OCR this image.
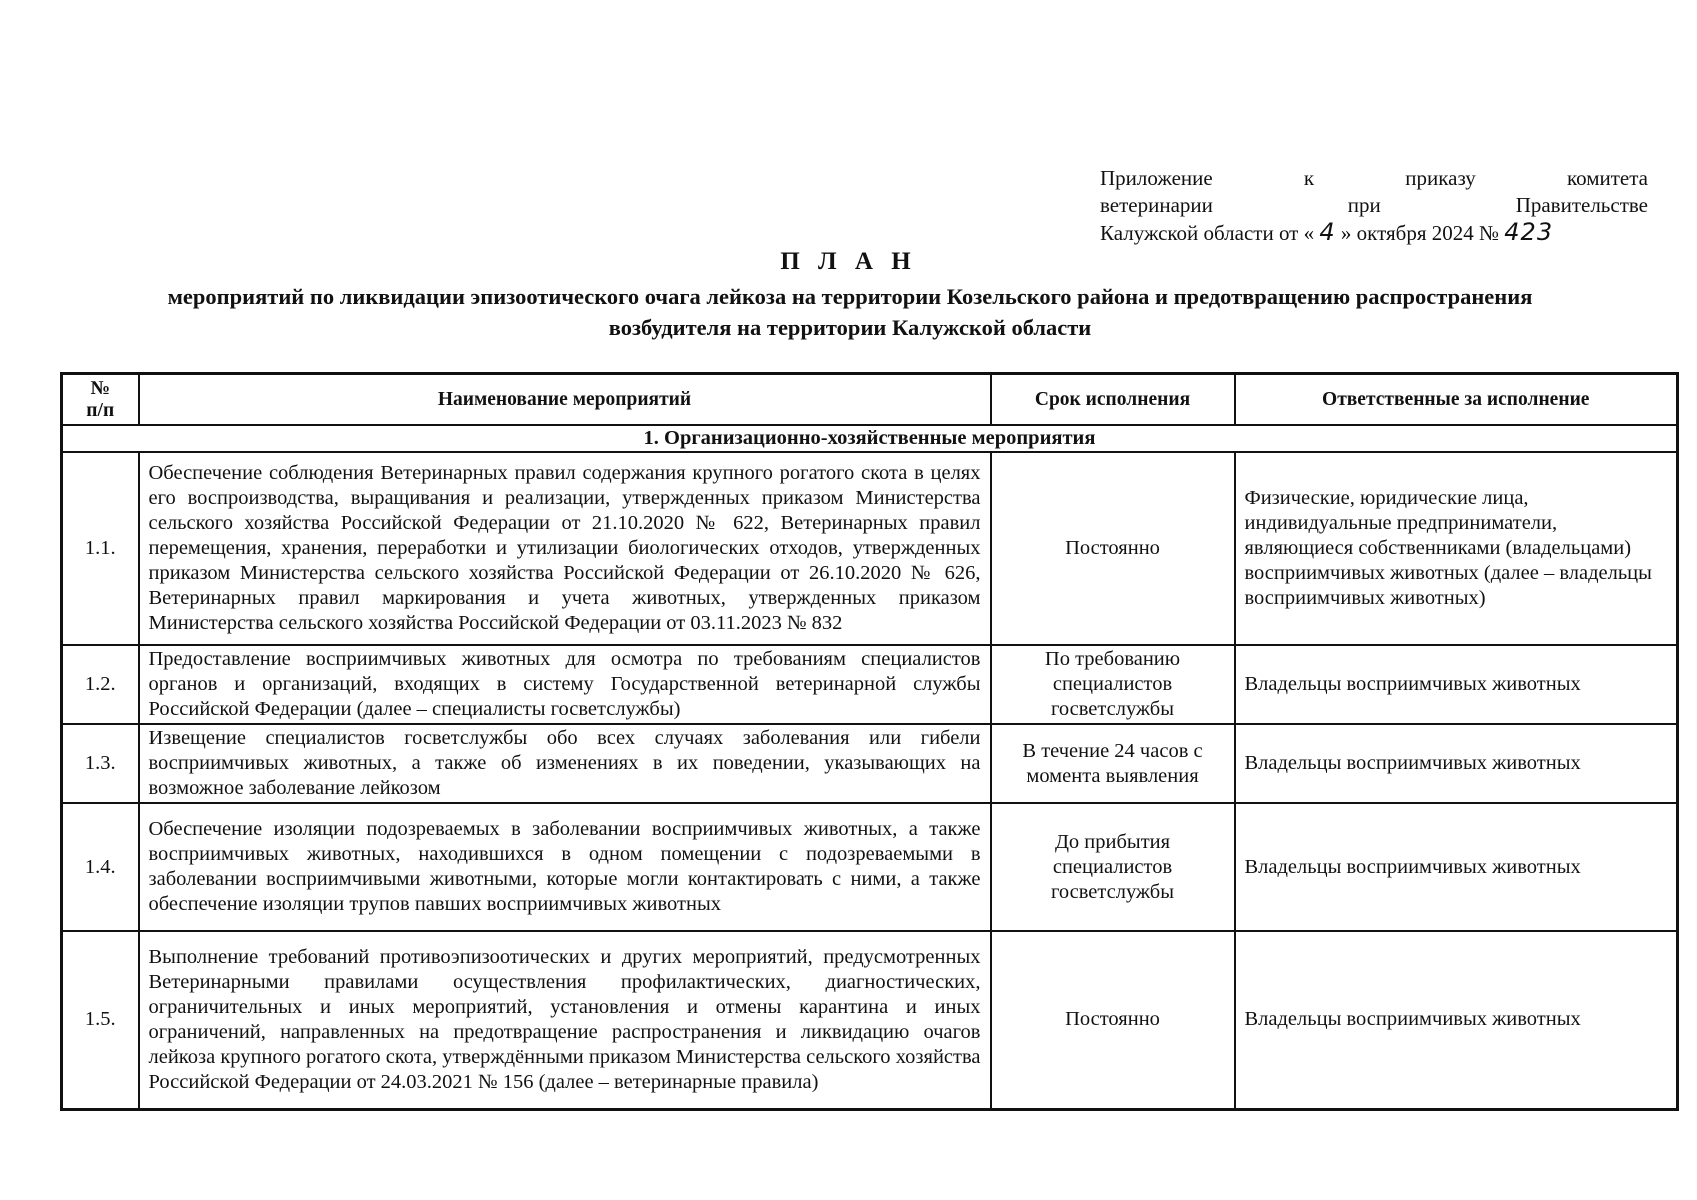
Приложение к приказу комитета
ветеринарии при Правительстве
Калужской области от « 4 » октября 2024 № 423
П Л А Н
мероприятий по ликвидации эпизоотического очага лейкоза на территории Козельского района и предотвращению распространения возбудителя на территории Калужской области
№
п/п	Наименование мероприятий	Срок исполнения	Ответственные за исполнение
1. Организационно-хозяйственные мероприятия			
1.1.	Обеспечение соблюдения Ветеринарных правил содержания крупного рогатого скота в целях его воспроизводства, выращивания и реализации, утвержденных приказом Министерства сельского хозяйства Российской Федерации от 21.10.2020 № 622, Ветеринарных правил перемещения, хранения, переработки и утилизации биологических отходов, утвержденных приказом Министерства сельского хозяйства Российской Федерации от 26.10.2020 № 626, Ветеринарных правил маркирования и учета животных, утвержденных приказом Министерства сельского хозяйства Российской Федерации от 03.11.2023 № 832	Постоянно	Физические, юридические лица, индивидуальные предприниматели, являющиеся собственниками (владельцами) восприимчивых животных (далее – владельцы восприимчивых животных)
1.2.	Предоставление восприимчивых животных для осмотра по требованиям специалистов органов и организаций, входящих в систему Государственной ветеринарной службы Российской Федерации (далее – специалисты госветслужбы)	По требованию специалистов госветслужбы	Владельцы восприимчивых животных
1.3.	Извещение специалистов госветслужбы обо всех случаях заболевания или гибели восприимчивых животных, а также об изменениях в их поведении, указывающих на возможное заболевание лейкозом	В течение 24 часов с момента выявления	Владельцы восприимчивых животных
1.4.	Обеспечение изоляции подозреваемых в заболевании восприимчивых животных, а также восприимчивых животных, находившихся в одном помещении с подозреваемыми в заболевании восприимчивыми животными, которые могли контактировать с ними, а также обеспечение изоляции трупов павших восприимчивых животных	До прибытия специалистов госветслужбы	Владельцы восприимчивых животных
1.5.	Выполнение требований противоэпизоотических и других мероприятий, предусмотренных Ветеринарными правилами осуществления профилактических, диагностических, ограничительных и иных мероприятий, установления и отмены карантина и иных ограничений, направленных на предотвращение распространения и ликвидацию очагов лейкоза крупного рогатого скота, утверждёнными приказом Министерства сельского хозяйства Российской Федерации от 24.03.2021 № 156 (далее – ветеринарные правила)	Постоянно	Владельцы восприимчивых животных
